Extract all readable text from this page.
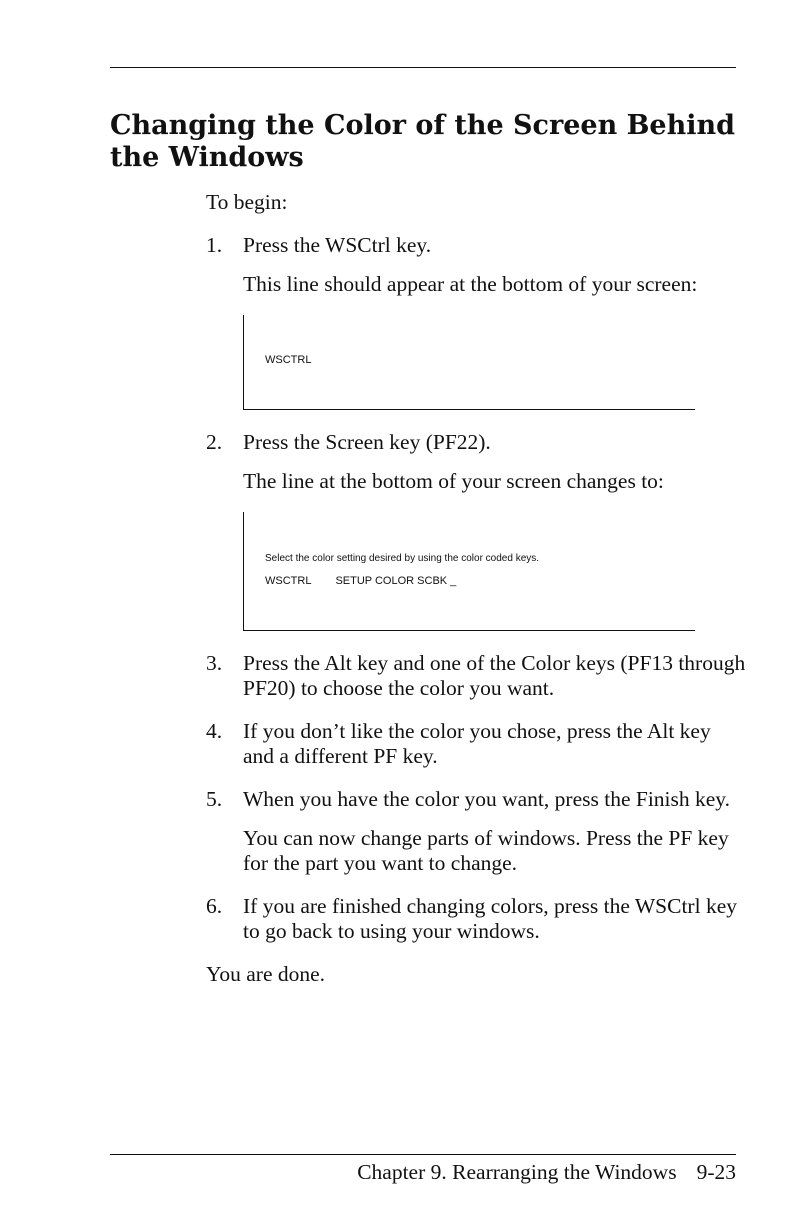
Changing the Color of the Screen Behind the Windows

To begin:

1. Press the WSCtrl key.
This line should appear at the bottom of your screen:
WSCTRL
2. Press the Screen key (PF22).
The line at the bottom of your screen changes to:
Select the color setting desired by using the color coded keys.
WSCTRL SETUP COLOR SCBK _
3. Press the Alt key and one of the Color keys (PF13 through PF20) to choose the color you want.
4. If you don’t like the color you chose, press the Alt key and a different PF key.
5. When you have the color you want, press the Finish key.
You can now change parts of windows. Press the PF key for the part you want to change.
6. If you are finished changing colors, press the WSCtrl key to go back to using your windows.

You are done.

Chapter 9. Rearranging the Windows 9-23
